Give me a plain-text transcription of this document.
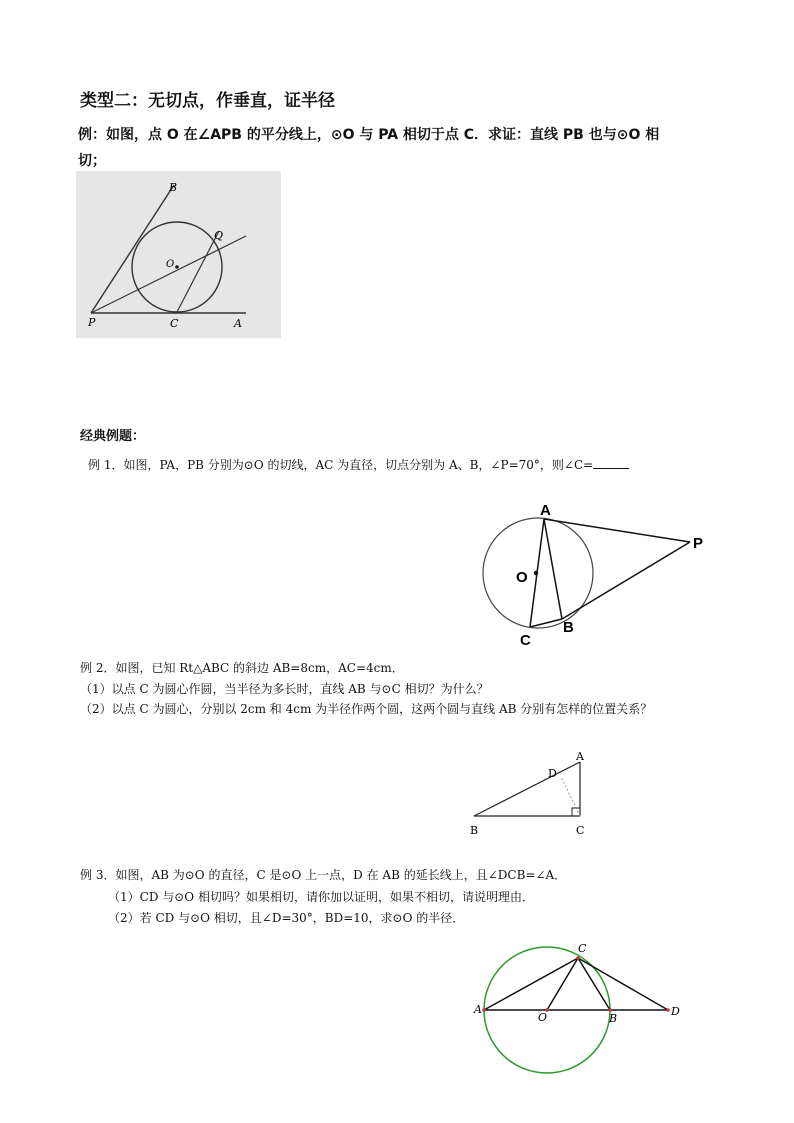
类型二：无切点，作垂直，证半径
例：如图，点 O 在∠APB 的平分线上，⊙O 与 PA 相切于点 C．求证：直线 PB 也与⊙O 相
切；
B
Q
O
P	C	A
经典例题：
例 1．如图，PA，PB 分别为⊙O 的切线，AC 为直径，切点分别为 A、B，∠P=70°，则∠C=
A
P
O
C
B
例 2．如图，已知 Rt△ABC 的斜边 AB=8cm，AC=4cm．
（1）以点 C 为圆心作圆，当半径为多长时，直线 AB 与⊙C 相切？为什么？
（2）以点 C 为圆心，分别以 2cm 和 4cm 为半径作两个圆，这两个圆与直线 AB 分别有怎样的位置关系？
A
D
B	C
例 3．如图，AB 为⊙O 的直径，C 是⊙O 上一点，D 在 AB 的延长线上，且∠DCB=∠A．
（1）CD 与⊙O 相切吗？如果相切，请你加以证明，如果不相切，请说明理由．
（2）若 CD 与⊙O 相切，且∠D=30°，BD=10，求⊙O 的半径．
C
A
O	B
D
